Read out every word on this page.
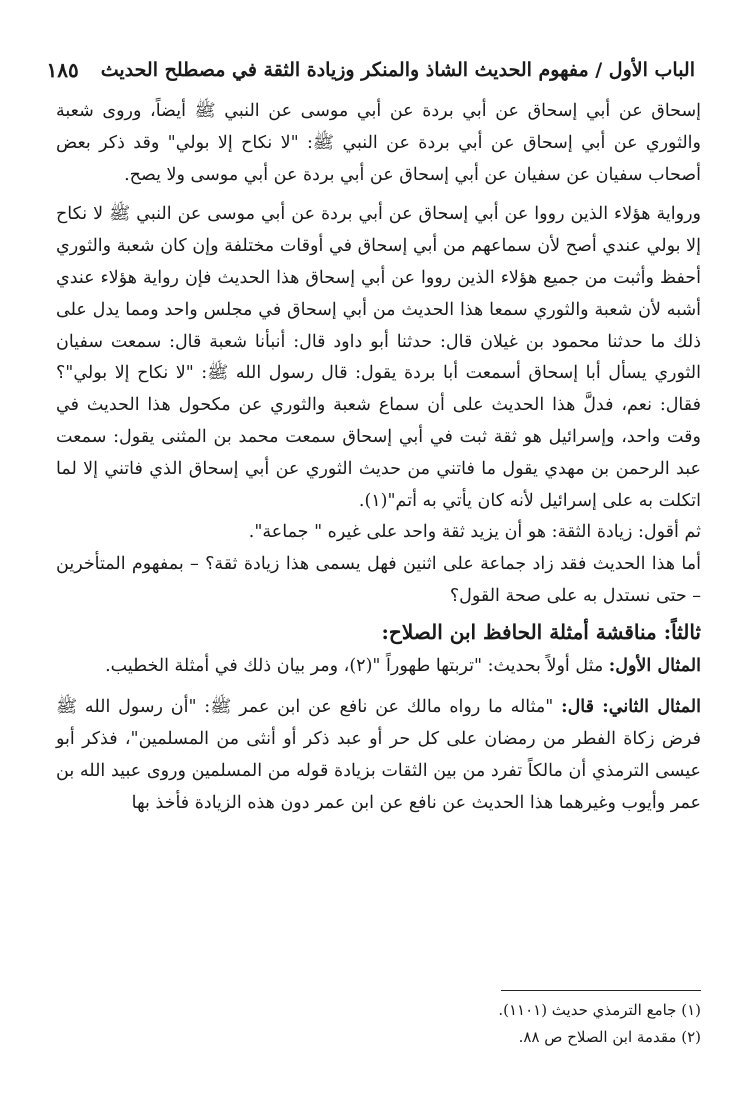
الباب الأول / مفهوم الحديث الشاذ والمنكر وزيادة الثقة في مصطلح الحديث
١٨٥

إسحاق عن أبي إسحاق عن أبي بردة عن أبي موسى عن النبي ﷺ أيضاً، وروى شعبة والثوري عن أبي إسحاق عن أبي بردة عن النبي ﷺ: "لا نكاح إلا بولي" وقد ذكر بعض أصحاب سفيان عن سفيان عن أبي إسحاق عن أبي بردة عن أبي موسى ولا يصح.

ورواية هؤلاء الذين رووا عن أبي إسحاق عن أبي بردة عن أبي موسى عن النبي ﷺ لا نكاح إلا بولي عندي أصح لأن سماعهم من أبي إسحاق في أوقات مختلفة وإن كان شعبة والثوري أحفظ وأثبت من جميع هؤلاء الذين رووا عن أبي إسحاق هذا الحديث فإن رواية هؤلاء عندي أشبه لأن شعبة والثوري سمعا هذا الحديث من أبي إسحاق في مجلس واحد ومما يدل على ذلك ما حدثنا محمود بن غيلان قال: حدثنا أبو داود قال: أنبأنا شعبة قال: سمعت سفيان الثوري يسأل أبا إسحاق أسمعت أبا بردة يقول: قال رسول الله ﷺ: "لا نكاح إلا بولي"؟فقال: نعم، فدلَّ هذا الحديث على أن سماع شعبة والثوري عن مكحول هذا الحديث في وقت واحد، وإسرائيل هو ثقة ثبت في أبي إسحاق سمعت محمد بن المثنى يقول: سمعت عبد الرحمن بن مهدي يقول ما فاتني من حديث الثوري عن أبي إسحاق الذي فاتني إلا لما اتكلت به على إسرائيل لأنه كان يأتي به أتم"(١).

ثم أقول: زيادة الثقة: هو أن يزيد ثقة واحد على غيره " جماعة".

أما هذا الحديث فقد زاد جماعة على اثنين فهل يسمى هذا زيادة ثقة؟ – بمفهوم المتأخرين – حتى نستدل به على صحة القول؟

ثالثاً: مناقشة أمثلة الحافظ ابن الصلاح:

المثال الأول: مثل أولاً بحديث: "تربتها طهوراً "(٢)، ومر بيان ذلك في أمثلة الخطيب.

المثال الثاني: قال: "مثاله ما رواه مالك عن نافع عن ابن عمر ﷺ: "أن رسول الله ﷺ فرض زكاة الفطر من رمضان على كل حر أو عبد ذكر أو أنثى من المسلمين"، فذكر أبو عيسى الترمذي أن مالكاً تفرد من بين الثقات بزيادة قوله من المسلمين وروى عبيد الله بن عمر وأيوب وغيرهما هذا الحديث عن نافع عن ابن عمر دون هذه الزيادة فأخذ بها

(١) جامع الترمذي حديث (١١٠١).

(٢) مقدمة ابن الصلاح ص ٨٨.
